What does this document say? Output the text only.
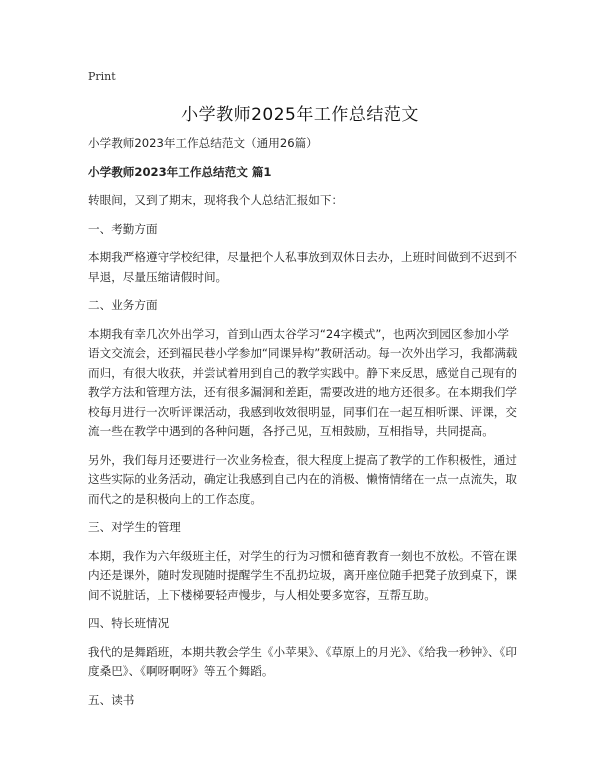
Print
小学教师2025年工作总结范文

小学教师2023年工作总结范文（通用26篇）

小学教师2023年工作总结范文 篇1

转眼间，又到了期末，现将我个人总结汇报如下：

一、考勤方面

本期我严格遵守学校纪律，尽量把个人私事放到双休日去办，上班时间做到不迟到不早退，尽量压缩请假时间。

二、业务方面

本期我有幸几次外出学习，首到山西太谷学习“24字模式”，也两次到园区参加小学语文交流会，还到福民巷小学参加“同课异构”教研活动。每一次外出学习，我都满载而归，有很大收获，并尝试着用到自己的教学实践中。静下来反思，感觉自己现有的教学方法和管理方法，还有很多漏洞和差距，需要改进的地方还很多。在本期我们学校每月进行一次听评课活动，我感到收效很明显，同事们在一起互相听课、评课，交流一些在教学中遇到的各种问题，各抒己见，互相鼓励，互相指导，共同提高。

另外，我们每月还要进行一次业务检查，很大程度上提高了教学的工作积极性，通过这些实际的业务活动，确定让我感到自己内在的消极、懒惰情绪在一点一点流失，取而代之的是积极向上的工作态度。

三、对学生的管理

本期，我作为六年级班主任，对学生的行为习惯和德育教育一刻也不放松。不管在课内还是课外，随时发现随时提醒学生不乱扔垃圾，离开座位随手把凳子放到桌下，课间不说脏话，上下楼梯要轻声慢步，与人相处要多宽容，互帮互助。

四、特长班情况

我代的是舞蹈班，本期共教会学生《小苹果》、《草原上的月光》、《给我一秒钟》、《印度桑巴》、《啊呀啊呀》等五个舞蹈。

五、读书
